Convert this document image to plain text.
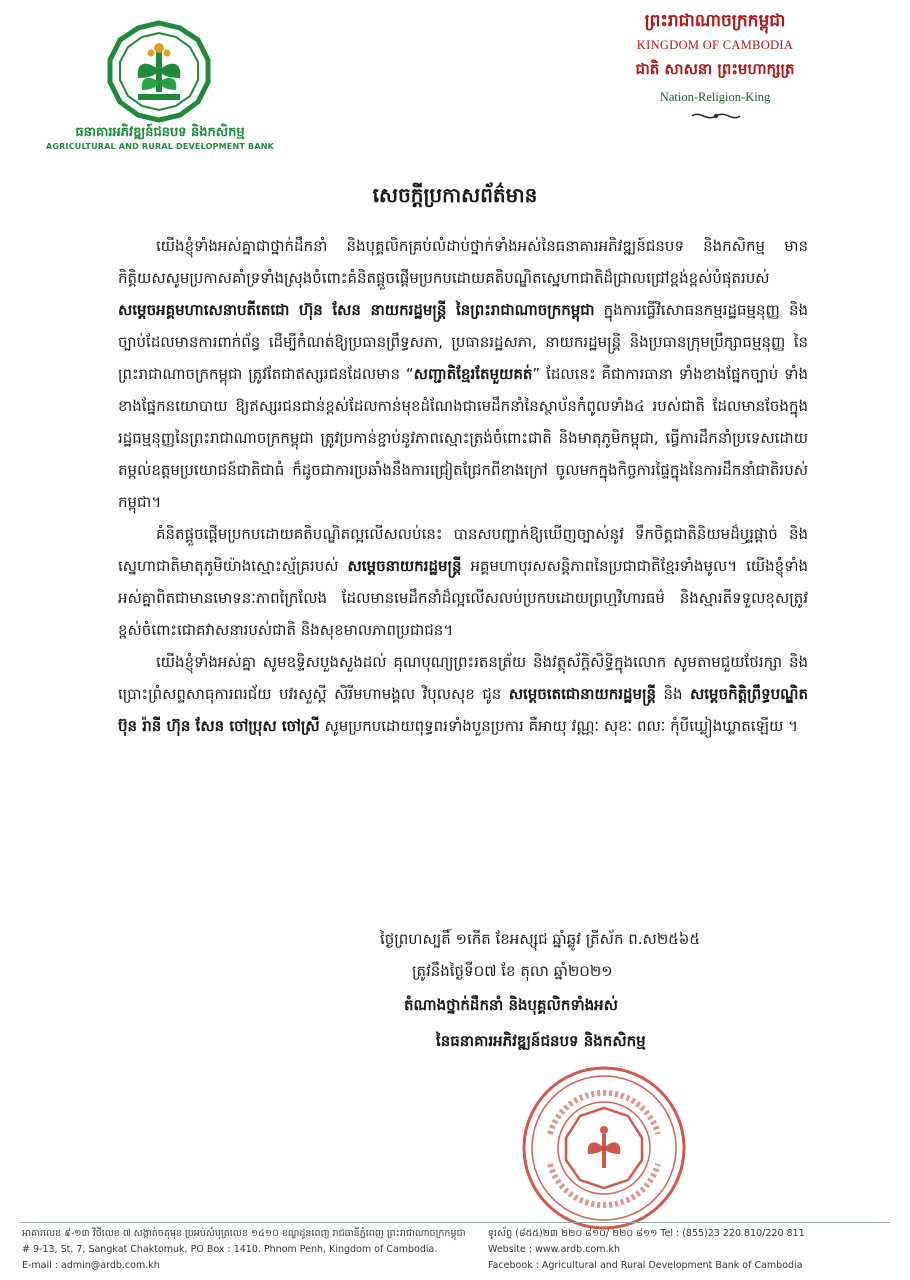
ធនាគារអភិវឌ្ឍន៍ជនបទ និងកសិកម្ម
AGRICULTURAL AND RURAL DEVELOPMENT BANK
ព្រះរាជាណាចក្រកម្ពុជា
KINGDOM OF CAMBODIA
ជាតិ សាសនា ព្រះមហាក្សត្រ
Nation-Religion-King
សេចក្ដីប្រកាសព័ត៌មាន

យើងខ្ញុំទាំងអស់គ្នាជាថ្នាក់ដឹកនាំ និងបុគ្គលិកគ្រប់លំដាប់ថ្នាក់ទាំងអស់នៃធនាគារអភិវឌ្ឍន៍ជនបទ និងកសិកម្ម មានកិត្តិយសសូមប្រកាសគាំទ្រទាំងស្រុងចំពោះគំនិតផ្ដួចផ្ដើមប្រកបដោយគតិបណ្ឌិតស្នេហាជាតិដ៏ជ្រាលជ្រៅខ្ពង់ខ្ពស់បំផុតរបស់ សម្ដេចអគ្គមហាសេនាបតីតេជោ ហ៊ុន សែន នាយករដ្ឋមន្ត្រី នៃព្រះរាជាណាចក្រកម្ពុជា ក្នុងការធ្វើវិសោធនកម្មរដ្ឋធម្មនុញ្ញ និងច្បាប់ដែលមានការពាក់ព័ន្ធ ដើម្បីកំណត់ឱ្យប្រធានព្រឹទ្ធសភា, ប្រធានរដ្ឋសភា, នាយករដ្ឋមន្ត្រី និងប្រធានក្រុមប្រឹក្សាធម្មនុញ្ញ នៃព្រះរាជាណាចក្រកម្ពុជា ត្រូវតែជាឥស្សរជនដែលមាន “សញ្ជាតិខ្មែរតែមួយគត់” ដែលនេះ គឺជាការធានា ទាំងខាងផ្នែកច្បាប់ ទាំងខាងផ្នែកនយោបាយ ឱ្យឥស្សរជនជាន់ខ្ពស់ដែលកាន់មុខដំណែងជាមេដឹកនាំនៃស្ថាប័នកំពូលទាំង៤ របស់ជាតិ ដែលមានចែងក្នុងរដ្ឋធម្មនុញ្ញនៃព្រះរាជាណាចក្រកម្ពុជា ត្រូវប្រកាន់ខ្ជាប់នូវភាពស្មោះត្រង់ចំពោះជាតិ និងមាតុភូមិកម្ពុជា, ធ្វើការដឹកនាំប្រទេសដោយតម្កល់ឧត្តមប្រយោជន៍ជាតិជាធំ ក៏ដូចជាការប្រឆាំងនឹងការជ្រៀតជ្រែកពីខាងក្រៅ ចូលមកក្នុងកិច្ចការផ្ទៃក្នុងនៃការដឹកនាំជាតិរបស់កម្ពុជា។

គំនិតផ្ដួចផ្ដើមប្រកបដោយគតិបណ្ឌិតល្អលើសលប់នេះ បានសបញ្ជាក់ឱ្យឃើញច្បាស់នូវ ទឹកចិត្តជាតិនិយមដ៏ឫរ្ទផ្ដាច់ និងស្នេហាជាតិមាតុភូមិយ៉ាងស្មោះស្ម័គ្ររបស់ សម្ដេចនាយករដ្ឋមន្ត្រី អគ្គមហាបុរសសន្តិភាពនៃប្រជាជាតិខ្មែរទាំងមូល។ យើងខ្ញុំទាំងអស់គ្នាពិតជាមានមោទនៈភាពក្រៃលែង ដែលមានមេដឹកនាំដ៏ល្អលើសលប់ប្រកបដោយព្រហ្មវិហារធម៌ និងស្មារតីទទួលខុសត្រូវខ្ពស់ចំពោះជោគវាសនារបស់ជាតិ និងសុខមាលភាពប្រជាជន។

យើងខ្ញុំទាំងអស់គ្នា សូមឧទ្ទិសបួងសួងដល់ គុណបុណ្យព្រះរតនត្រ័យ និងវត្ថុស័ក្ដិសិទ្ធិក្នុងលោក សូមតាមជួយថែរក្សា និងប្រោះព្រំសព្ទសាធុការពរជ័យ បវរសួស្ដី សិរីមហាមង្គល វិបុលសុខ ជូន សម្ដេចតេជោនាយករដ្ឋមន្ត្រី និង សម្ដេចកិត្តិព្រឹទ្ធបណ្ឌិត ប៊ុន រ៉ានី ហ៊ុន សែន ចៅប្រុស ចៅស្រី សូមប្រកបដោយពុទ្ធពរទាំងបួនប្រការ គឺអាយុ វណ្ណៈ សុខៈ ពលៈ កុំបីឃ្លៀងឃ្លាតឡើយ ។

ថ្ងៃព្រហស្បតិ៍ ១កើត ខែអស្សុជ ឆ្នាំឆ្លូវ ត្រីស័ក ព.ស២៥៦៥
ត្រូវនឹងថ្ងៃទី០៧ ខែ តុលា ឆ្នាំ២០២១
តំណាងថ្នាក់ដឹកនាំ និងបុគ្គលិកទាំងអស់
នៃធនាគារអភិវឌ្ឍន៍ជនបទ និងកសិកម្ម
អាគារលេខ ៩-១៣ វិថីលេខ ៧ សង្កាត់ចតុមុខ ប្រអប់សំបុត្រលេខ ១៤១០ ខណ្ឌដូនពេញ រាជធានីភ្នំពេញ ព្រះរាជាណាចក្រកម្ពុជា
# 9-13, St. 7, Sangkat Chaktomuk, PO Box : 1410. Phnom Penh, Kingdom of Cambodia.
E-mail : admin@ardb.com.kh
ទូរស័ព្ទ (៨៥៥)២៣ ២២០ ៨១០/ ២២០ ៨១១ Tel : (855)23 220 810/220 811
Website : www.ardb.com.kh
Facebook : Agricultural and Rural Development Bank of Cambodia
